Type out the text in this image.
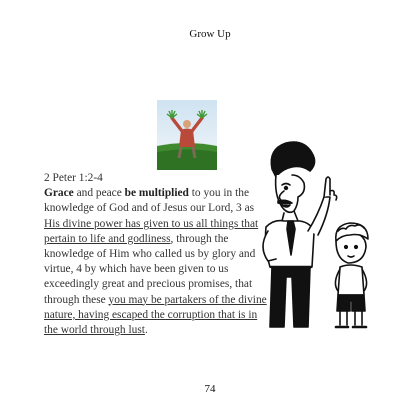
Grow Up
2 Peter 1:2-4

Grace and peace be multiplied to you in the knowledge of God and of Jesus our Lord, 3 as His divine power has given to us all things that pertain to life and godliness, through the knowledge of Him who called us by glory and virtue, 4 by which have been given to us exceedingly great and precious promises, that through these you may be partakers of the divine nature, having escaped the corruption that is in the world through lust.

74
